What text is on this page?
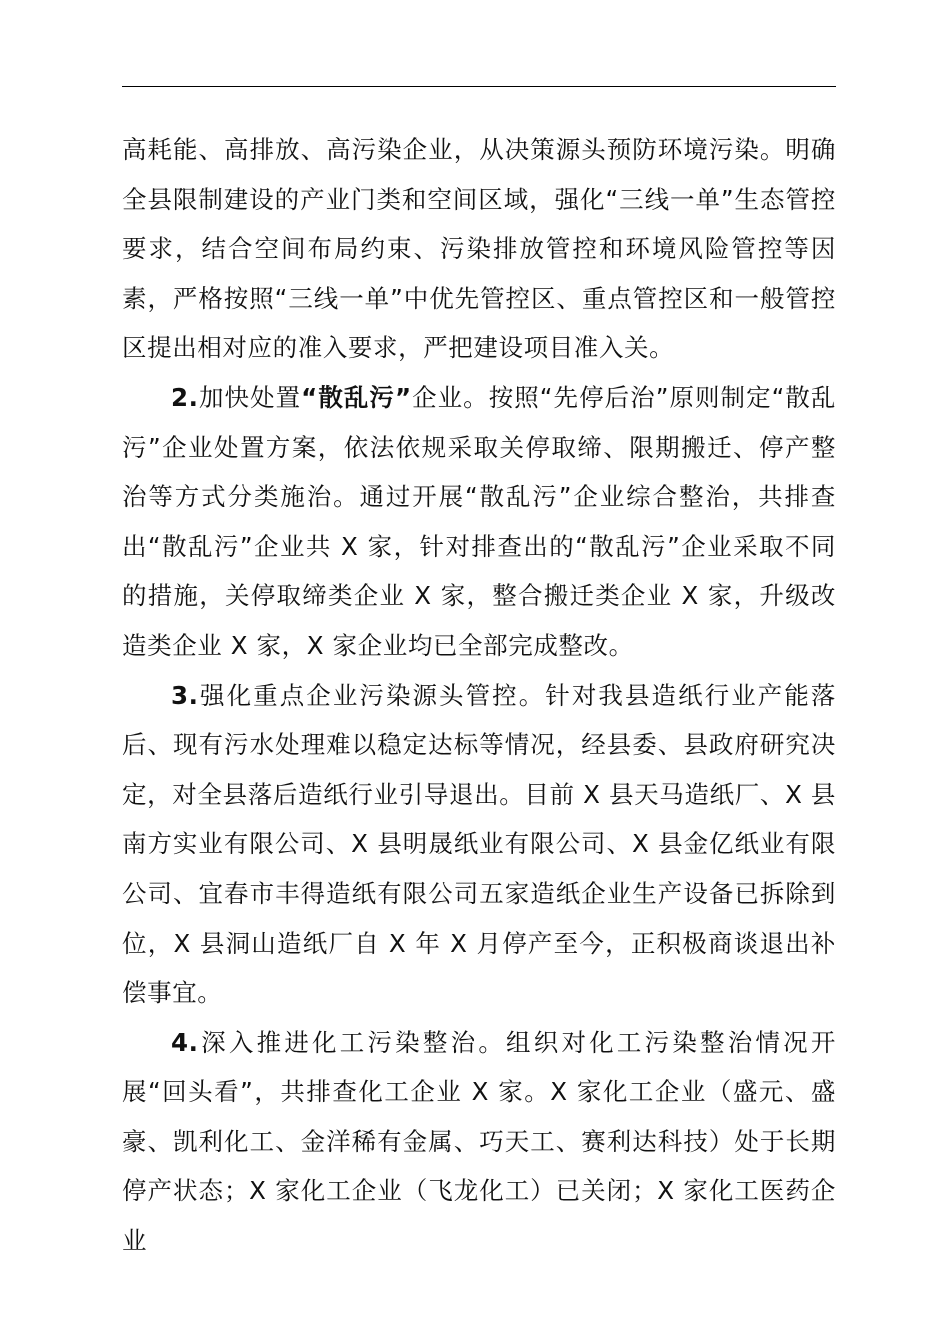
高耗能、高排放、高污染企业，从决策源头预防环境污染。明确全县限制建设的产业门类和空间区域，强化“三线一单”生态管控要求，结合空间布局约束、污染排放管控和环境风险管控等因素，严格按照“三线一单”中优先管控区、重点管控区和一般管控区提出相对应的准入要求，严把建设项目准入关。

2.加快处置“散乱污”企业。按照“先停后治”原则制定“散乱污”企业处置方案，依法依规采取关停取缔、限期搬迁、停产整治等方式分类施治。通过开展“散乱污”企业综合整治，共排查出“散乱污”企业共 X 家，针对排查出的“散乱污”企业采取不同的措施，关停取缔类企业 X 家，整合搬迁类企业 X 家，升级改造类企业 X 家，X 家企业均已全部完成整改。

3.强化重点企业污染源头管控。针对我县造纸行业产能落后、现有污水处理难以稳定达标等情况，经县委、县政府研究决定，对全县落后造纸行业引导退出。目前 X 县天马造纸厂、X 县南方实业有限公司、X 县明晟纸业有限公司、X 县金亿纸业有限公司、宜春市丰得造纸有限公司五家造纸企业生产设备已拆除到位，X 县洞山造纸厂自 X 年 X 月停产至今，正积极商谈退出补偿事宜。

4.深入推进化工污染整治。组织对化工污染整治情况开展“回头看”，共排查化工企业 X 家。X 家化工企业（盛元、盛豪、凯利化工、金洋稀有金属、巧天工、赛利达科技）处于长期停产状态；X 家化工企业（飞龙化工）已关闭；X 家化工医药企业
